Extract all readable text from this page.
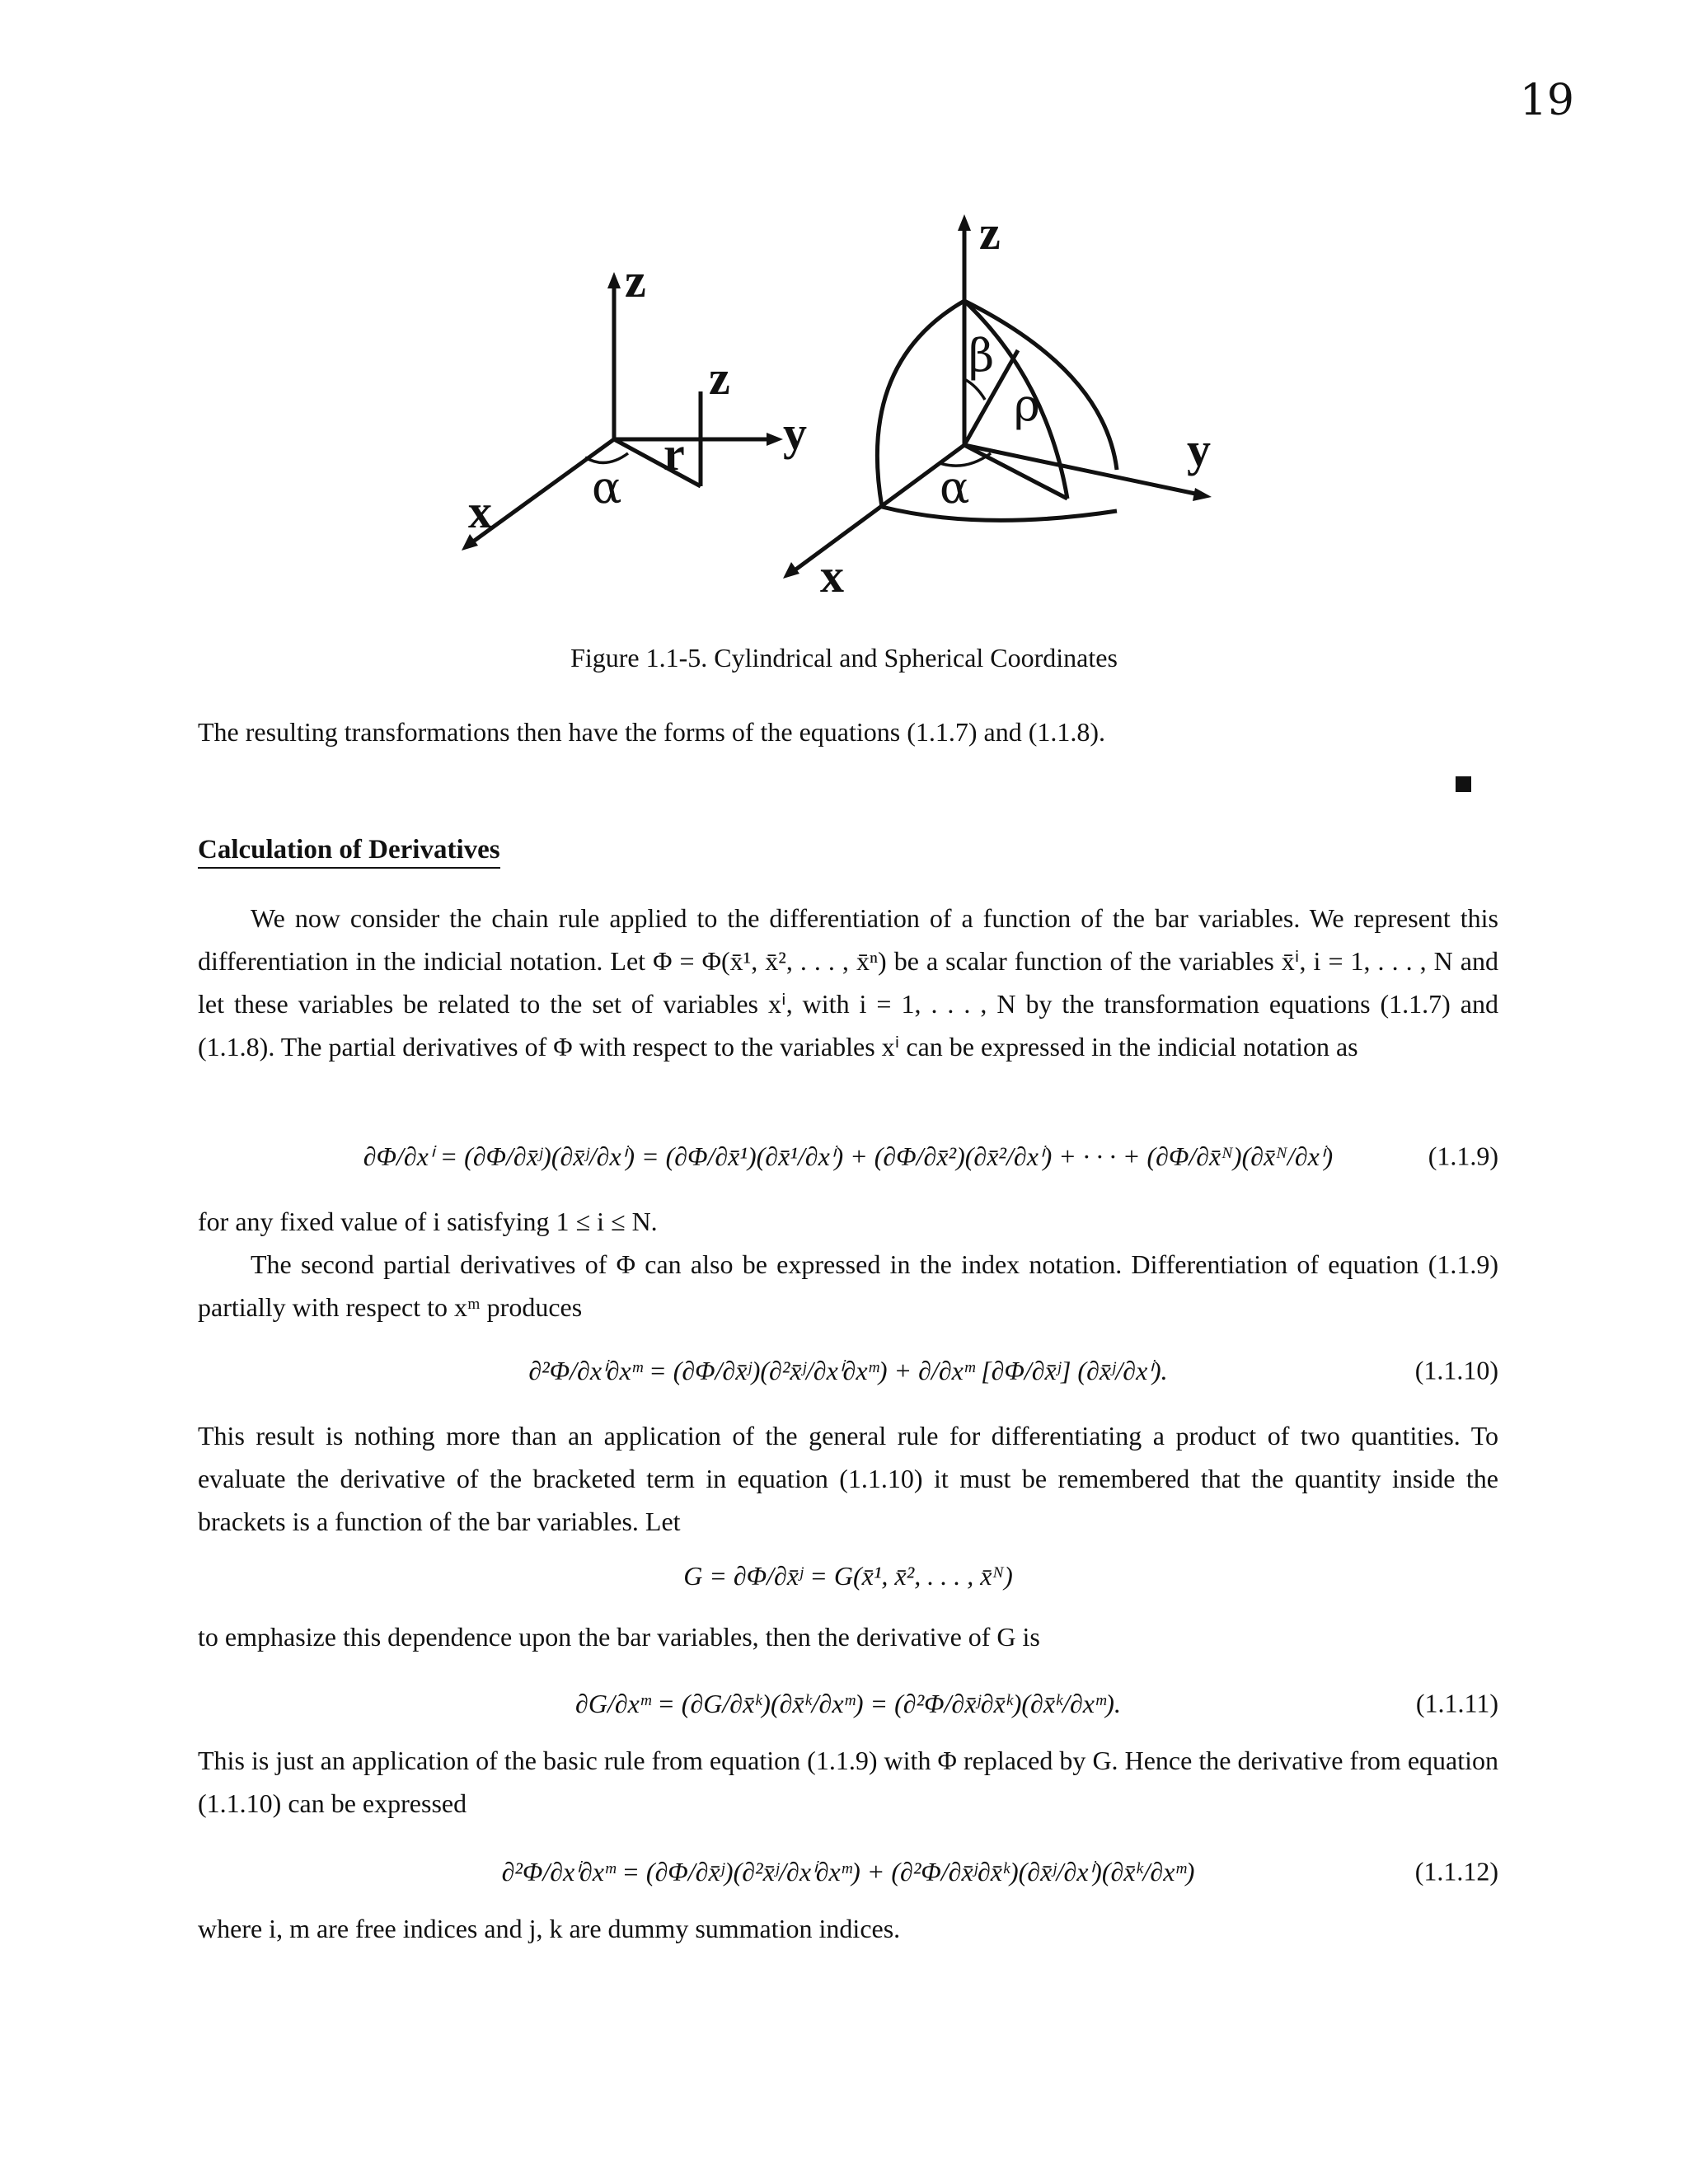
19
z
z
y
x
r
α
z
y
x
β
ρ
α
Figure 1.1-5. Cylindrical and Spherical Coordinates
The resulting transformations then have the forms of the equations (1.1.7) and (1.1.8).
Calculation of Derivatives
We now consider the chain rule applied to the differentiation of a function of the bar variables. We represent this differentiation in the indicial notation. Let Φ = Φ(x̄¹, x̄², . . . , x̄ⁿ) be a scalar function of the variables x̄ⁱ, i = 1, . . . , N and let these variables be related to the set of variables xⁱ, with i = 1, . . . , N by the transformation equations (1.1.7) and (1.1.8). The partial derivatives of Φ with respect to the variables xⁱ can be expressed in the indicial notation as
∂Φ/∂xⁱ = (∂Φ/∂x̄ʲ)(∂x̄ʲ/∂xⁱ) = (∂Φ/∂x̄¹)(∂x̄¹/∂xⁱ) + (∂Φ/∂x̄²)(∂x̄²/∂xⁱ) + · · · + (∂Φ/∂x̄ᴺ)(∂x̄ᴺ/∂xⁱ)	(1.1.9)
for any fixed value of i satisfying 1 ≤ i ≤ N.
The second partial derivatives of Φ can also be expressed in the index notation. Differentiation of equation (1.1.9) partially with respect to xᵐ produces
∂²Φ/∂xⁱ∂xᵐ = (∂Φ/∂x̄ʲ)(∂²x̄ʲ/∂xⁱ∂xᵐ) + ∂/∂xᵐ [∂Φ/∂x̄ʲ] (∂x̄ʲ/∂xⁱ).	(1.1.10)
This result is nothing more than an application of the general rule for differentiating a product of two quantities. To evaluate the derivative of the bracketed term in equation (1.1.10) it must be remembered that the quantity inside the brackets is a function of the bar variables. Let
G = ∂Φ/∂x̄ʲ = G(x̄¹, x̄², . . . , x̄ᴺ)
to emphasize this dependence upon the bar variables, then the derivative of G is
∂G/∂xᵐ = (∂G/∂x̄ᵏ)(∂x̄ᵏ/∂xᵐ) = (∂²Φ/∂x̄ʲ∂x̄ᵏ)(∂x̄ᵏ/∂xᵐ).	(1.1.11)
This is just an application of the basic rule from equation (1.1.9) with Φ replaced by G. Hence the derivative from equation (1.1.10) can be expressed
∂²Φ/∂xⁱ∂xᵐ = (∂Φ/∂x̄ʲ)(∂²x̄ʲ/∂xⁱ∂xᵐ) + (∂²Φ/∂x̄ʲ∂x̄ᵏ)(∂x̄ʲ/∂xⁱ)(∂x̄ᵏ/∂xᵐ)	(1.1.12)
where i, m are free indices and j, k are dummy summation indices.
